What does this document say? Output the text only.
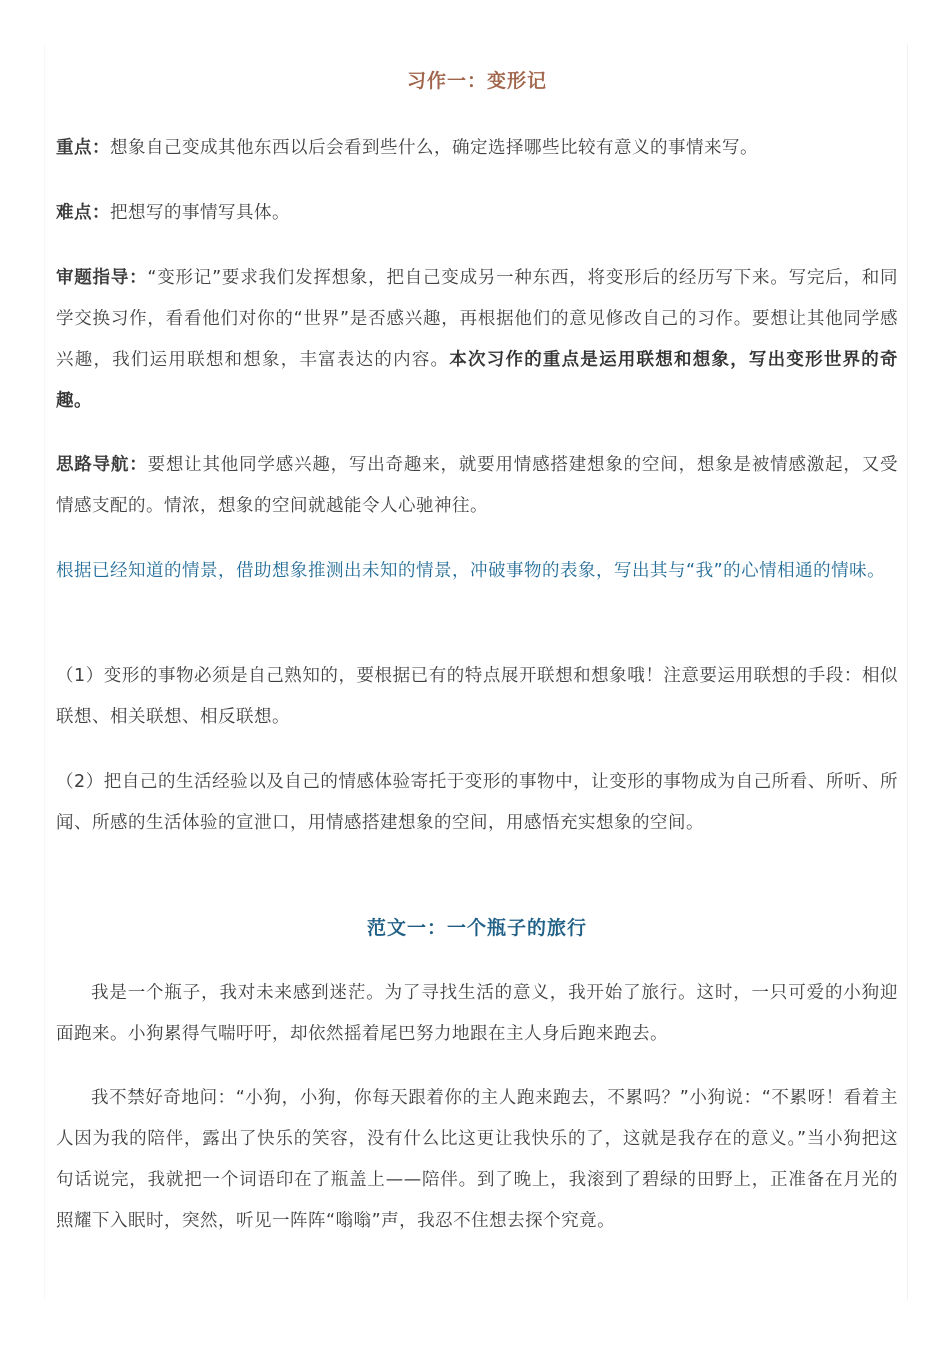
习作一：变形记

重点：想象自己变成其他东西以后会看到些什么，确定选择哪些比较有意义的事情来写。

难点：把想写的事情写具体。

审题指导：“变形记”要求我们发挥想象，把自己变成另一种东西，将变形后的经历写下来。写完后，和同学交换习作，看看他们对你的“世界”是否感兴趣，再根据他们的意见修改自己的习作。要想让其他同学感兴趣，我们运用联想和想象，丰富表达的内容。本次习作的重点是运用联想和想象，写出变形世界的奇趣。

思路导航：要想让其他同学感兴趣，写出奇趣来，就要用情感搭建想象的空间，想象是被情感激起，又受情感支配的。情浓，想象的空间就越能令人心驰神往。

根据已经知道的情景，借助想象推测出未知的情景，冲破事物的表象，写出其与“我”的心情相通的情味。

（1）变形的事物必须是自己熟知的，要根据已有的特点展开联想和想象哦！注意要运用联想的手段：相似联想、相关联想、相反联想。

（2）把自己的生活经验以及自己的情感体验寄托于变形的事物中，让变形的事物成为自己所看、所听、所闻、所感的生活体验的宣泄口，用情感搭建想象的空间，用感悟充实想象的空间。

范文一：一个瓶子的旅行

我是一个瓶子，我对未来感到迷茫。为了寻找生活的意义，我开始了旅行。这时，一只可爱的小狗迎面跑来。小狗累得气喘吁吁，却依然摇着尾巴努力地跟在主人身后跑来跑去。

我不禁好奇地问：“小狗，小狗，你每天跟着你的主人跑来跑去，不累吗？”小狗说：“不累呀！看着主人因为我的陪伴，露出了快乐的笑容，没有什么比这更让我快乐的了，这就是我存在的意义。”当小狗把这句话说完，我就把一个词语印在了瓶盖上——陪伴。到了晚上，我滚到了碧绿的田野上，正准备在月光的照耀下入眠时，突然，听见一阵阵“嗡嗡”声，我忍不住想去探个究竟。
